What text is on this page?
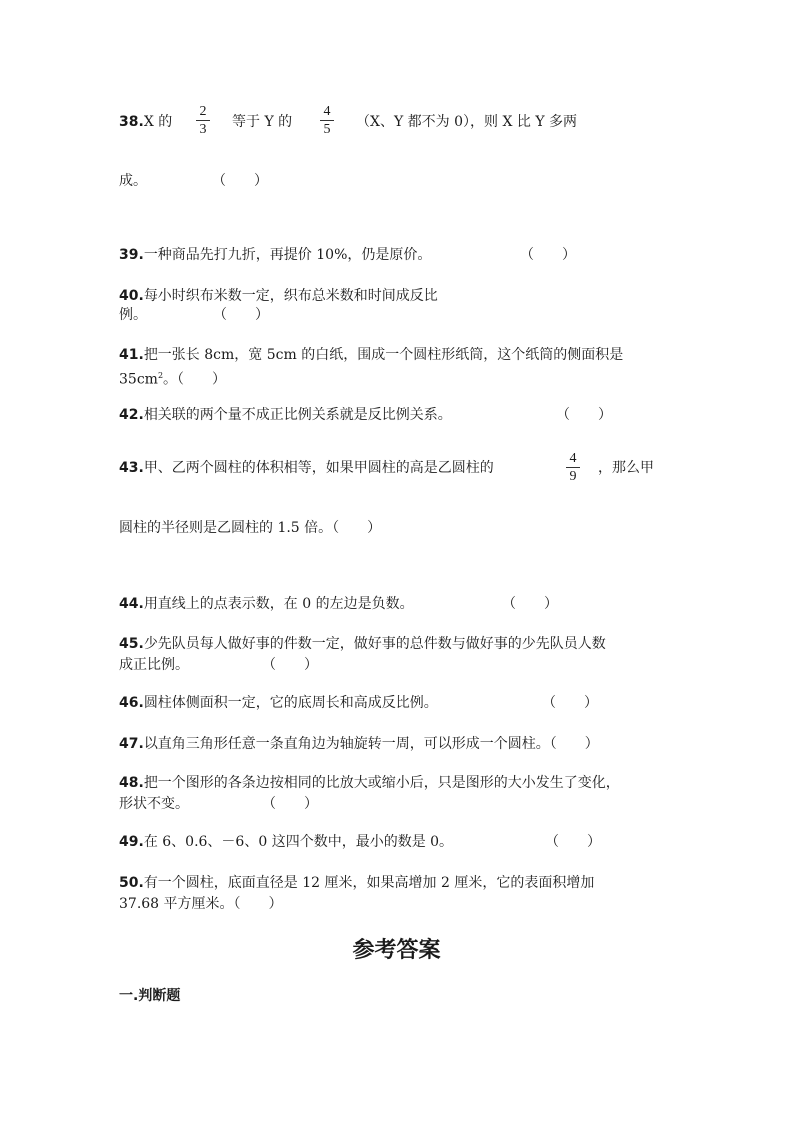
38.X 的
2
3 等于 Y 的
4
5 （X、Y 都不为 0），则 X 比 Y 多两
成。	（　　）
39.一种商品先打九折，再提价 10%，仍是原价。	（　　）
40.每小时织布米数一定，织布总米数和时间成反比
例。	（　　）
41.把一张长 8cm，宽 5cm 的白纸，围成一个圆柱形纸筒，这个纸筒的侧面积是
$35cm^2$。（　　）
42.相关联的两个量不成正比例关系就是反比例关系。	（　　）
43.甲、乙两个圆柱的体积相等，如果甲圆柱的高是乙圆柱的
4
9
，那么甲
圆柱的半径则是乙圆柱的 1.5 倍。（　　）
44.用直线上的点表示数，在 0 的左边是负数。	（　　）
45.少先队员每人做好事的件数一定，做好事的总件数与做好事的少先队员人数
成正比例。	（　　）
46.圆柱体侧面积一定，它的底周长和高成反比例。	（　　）
47.以直角三角形任意一条直角边为轴旋转一周，可以形成一个圆柱。（　　）
48.把一个图形的各条边按相同的比放大或缩小后，只是图形的大小发生了变化，
形状不变。	（　　）
49.在 6、0.6、－6、0 这四个数中，最小的数是 0。	（　　）
50.有一个圆柱，底面直径是 12 厘米，如果高增加 2 厘米，它的表面积增加
37.68 平方厘米。（　　）
参考答案
一.判断题
